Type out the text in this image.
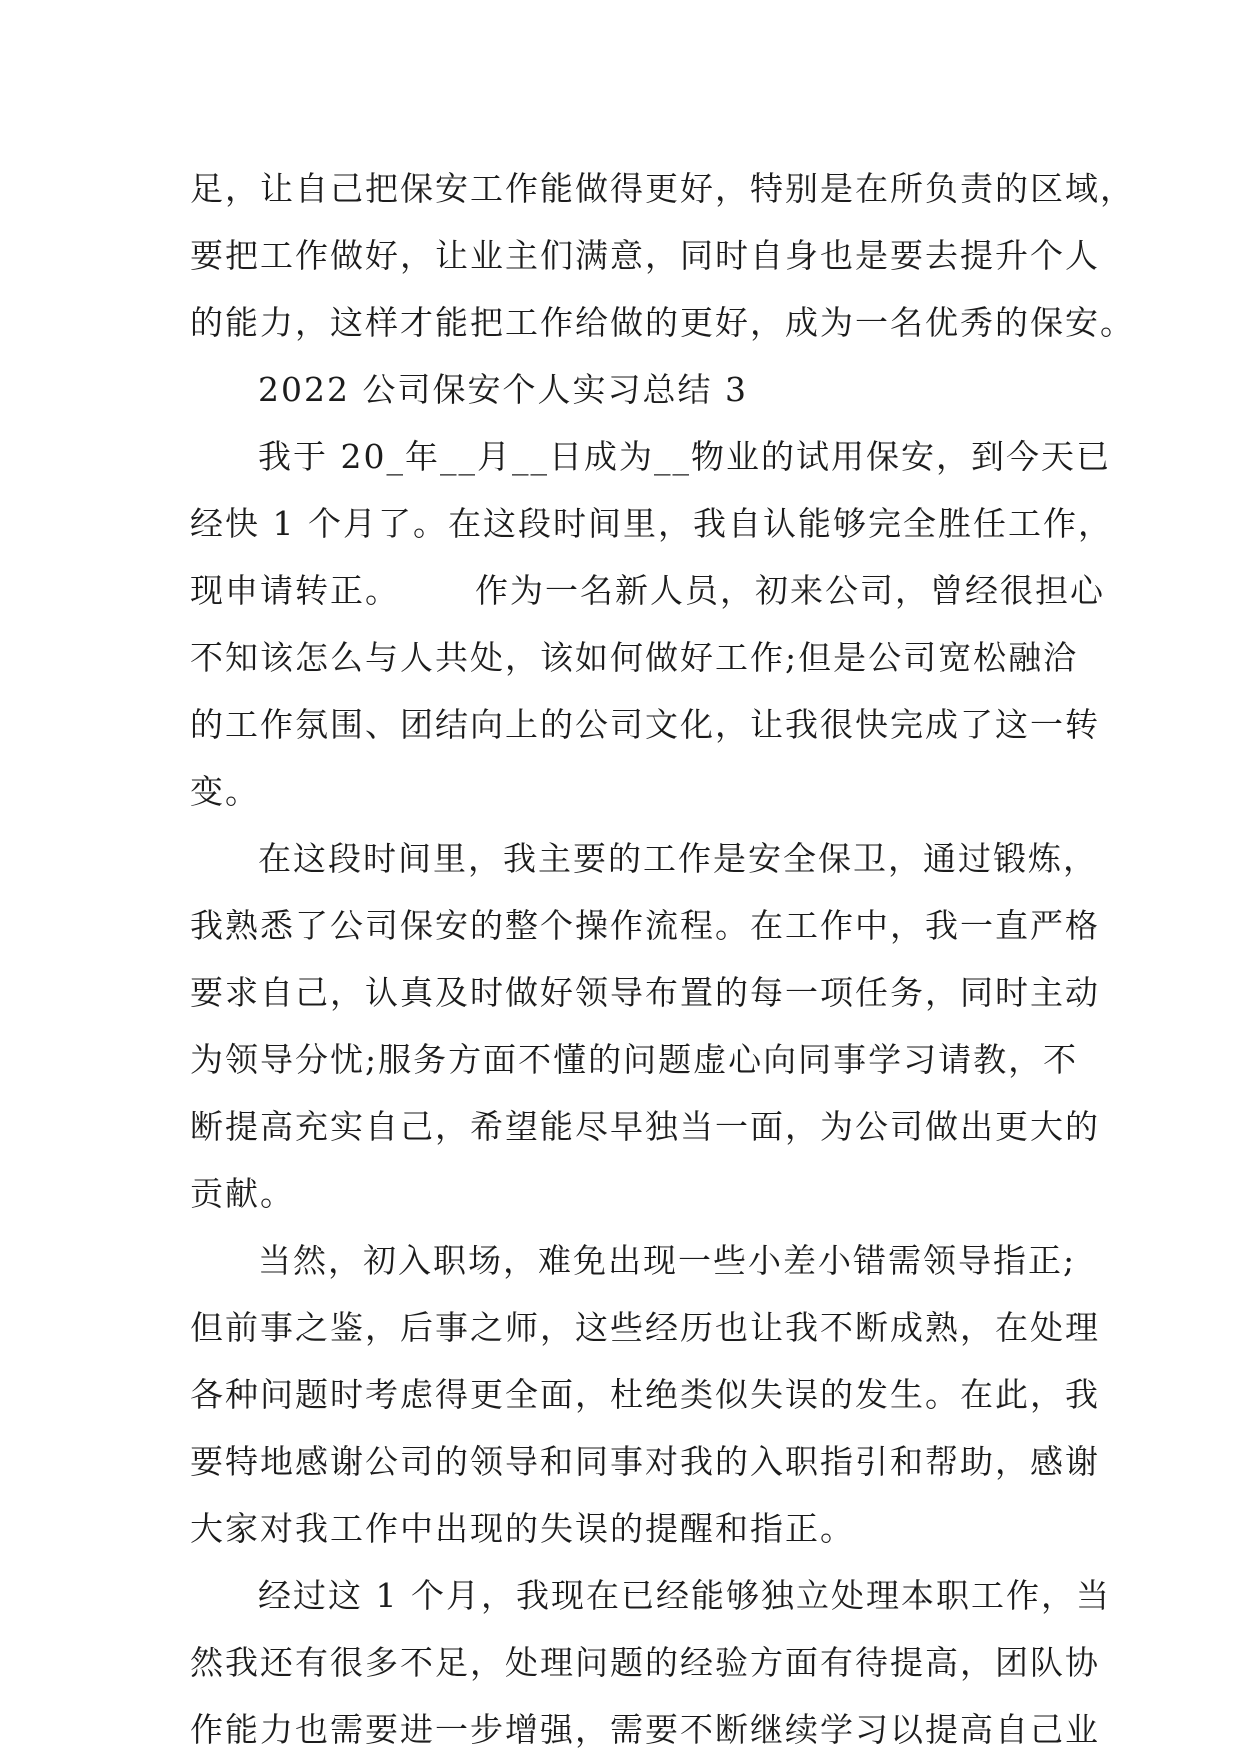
足，让自己把保安工作能做得更好，特别是在所负责的区域，
要把工作做好，让业主们满意，同时自身也是要去提升个人
的能力，这样才能把工作给做的更好，成为一名优秀的保安。
2022 公司保安个人实习总结 3
我于 20_年__月__日成为__物业的试用保安，到今天已
经快 1 个月了。在这段时间里，我自认能够完全胜任工作，
现申请转正。      作为一名新人员，初来公司，曾经很担心
不知该怎么与人共处，该如何做好工作;但是公司宽松融洽
的工作氛围、团结向上的公司文化，让我很快完成了这一转
变。
在这段时间里，我主要的工作是安全保卫，通过锻炼，
我熟悉了公司保安的整个操作流程。在工作中，我一直严格
要求自己，认真及时做好领导布置的每一项任务，同时主动
为领导分忧;服务方面不懂的问题虚心向同事学习请教，不
断提高充实自己，希望能尽早独当一面，为公司做出更大的
贡献。
当然，初入职场，难免出现一些小差小错需领导指正;
但前事之鉴，后事之师，这些经历也让我不断成熟，在处理
各种问题时考虑得更全面，杜绝类似失误的发生。在此，我
要特地感谢公司的领导和同事对我的入职指引和帮助，感谢
大家对我工作中出现的失误的提醒和指正。
经过这 1 个月，我现在已经能够独立处理本职工作，当
然我还有很多不足，处理问题的经验方面有待提高，团队协
作能力也需要进一步增强，需要不断继续学习以提高自己业
